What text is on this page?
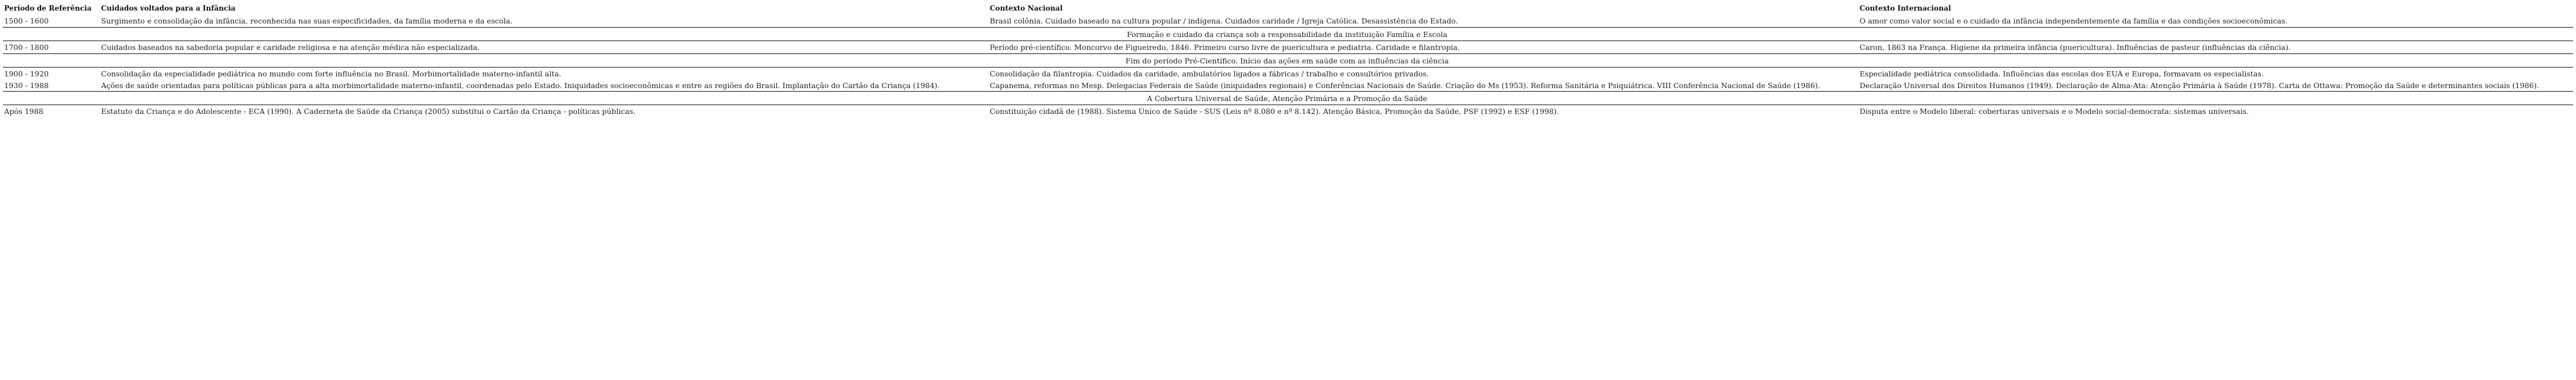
Período de Referência	Cuidados voltados para a Infância	Contexto Nacional	Contexto Internacional
1500 - 1600	Surgimento e consolidação da infância, reconhecida nas suas especificidades, da família moderna e da escola.	Brasil colônia. Cuidado baseado na cultura popular / indígena. Cuidados caridade / Igreja Católica. Desassistência do Estado.	O amor como valor social e o cuidado da infância independentemente da família e das condições socioeconômicas.
Formação e cuidado da criança sob a responsabilidade da instituição Família e Escola			
1700 - 1800	Cuidados baseados na sabedoria popular e caridade religiosa e na atenção médica não especializada.	Período pré-científico. Moncorvo de Figueiredo, 1846. Primeiro curso livre de puericultura e pediatria. Caridade e filantropia.	Caron, 1863 na França. Higiene da primeira infância (puericultura). Influências de pasteur (influências da ciência).
Fim do período Pré-Científico. Início das ações em saúde com as influências da ciência			
1900 - 1920	Consolidação da especialidade pediátrica no mundo com forte influência no Brasil. Morbimortalidade materno-infantil alta.	Consolidação da filantropia. Cuidados da caridade, ambulatórios ligados a fábricas / trabalho e consultórios privados.	Especialidade pediátrica consolidada. Influências das escolas dos EUA e Europa, formavam os especialistas.
1930 - 1988	Ações de saúde orientadas para políticas públicas para a alta morbimortalidade materno-infantil, coordenadas pelo Estado. Iniquidades socioeconômicas e entre as regiões do Brasil. Implantação do Cartão da Criança (1984).	Capanema, reformas no Mesp. Delegacias Federais de Saúde (iniquidades regionais) e Conferências Nacionais de Saúde. Criação do Ms (1953). Reforma Sanitária e Psiquiátrica. VIII Conferência Nacional de Saúde (1986).	Declaração Universal dos Direitos Humanos (1949). Declaração de Alma-Ata: Atenção Primária à Saúde (1978). Carta de Ottawa: Promoção da Saúde e determinantes sociais (1986).
A Cobertura Universal de Saúde, Atenção Primária e a Promoção da Saúde			
Após 1988	Estatuto da Criança e do Adolescente - ECA (1990). A Caderneta de Saúde da Criança (2005) substitui o Cartão da Criança - políticas públicas.	Constituição cidadã de (1988). Sistema Único de Saúde - SUS (Leis nº 8.080 e nº 8.142). Atenção Básica, Promoção da Saúde, PSF (1992) e ESF (1998).	Disputa entre o Modelo liberal: coberturas universais e o Modelo social-democrata: sistemas universais.
